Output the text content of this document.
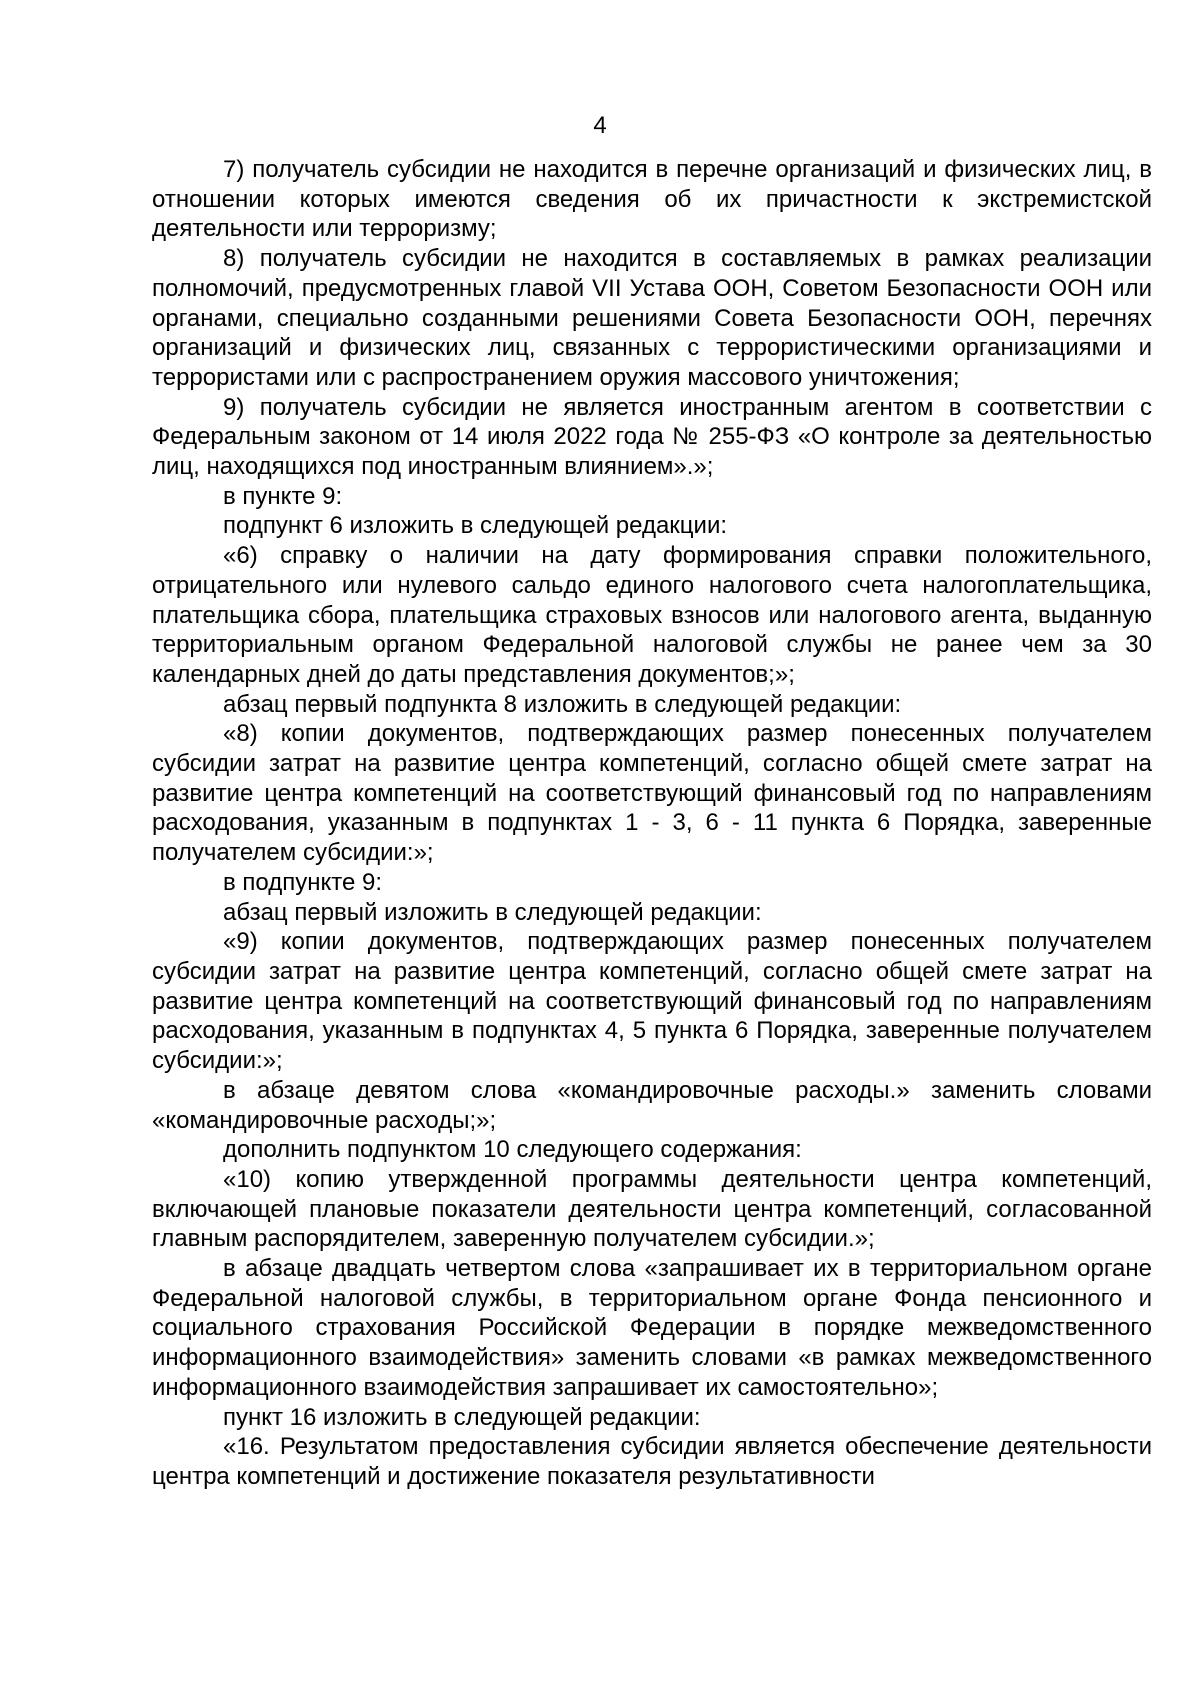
4

7) получатель субсидии не находится в перечне организаций и физических лиц, в отношении которых имеются сведения об их причастности к экстремистской деятельности или терроризму;

8) получатель субсидии не находится в составляемых в рамках реализации полномочий, предусмотренных главой VII Устава ООН, Советом Безопасности ООН или органами, специально созданными решениями Совета Безопасности ООН, перечнях организаций и физических лиц, связанных с террористическими организациями и террористами или с распространением оружия массового уничтожения;

9) получатель субсидии не является иностранным агентом в соответствии с Федеральным законом от 14 июля 2022 года № 255-ФЗ «О контроле за деятельностью лиц, находящихся под иностранным влиянием».»;

в пункте 9:

подпункт 6 изложить в следующей редакции:

«6) справку о наличии на дату формирования справки положительного, отрицательного или нулевого сальдо единого налогового счета налогоплательщика, плательщика сбора, плательщика страховых взносов или налогового агента, выданную территориальным органом Федеральной налоговой службы не ранее чем за 30 календарных дней до даты представления документов;»;

абзац первый подпункта 8 изложить в следующей редакции:

«8) копии документов, подтверждающих размер понесенных получателем субсидии затрат на развитие центра компетенций, согласно общей смете затрат на развитие центра компетенций на соответствующий финансовый год по направлениям расходования, указанным в подпунктах 1 - 3, 6 - 11 пункта 6 Порядка, заверенные получателем субсидии:»;

в подпункте 9:

абзац первый изложить в следующей редакции:

«9) копии документов, подтверждающих размер понесенных получателем субсидии затрат на развитие центра компетенций, согласно общей смете затрат на развитие центра компетенций на соответствующий финансовый год по направлениям расходования, указанным в подпунктах 4, 5 пункта 6 Порядка, заверенные получателем субсидии:»;

в абзаце девятом слова «командировочные расходы.» заменить словами «командировочные расходы;»;

дополнить подпунктом 10 следующего содержания:

«10) копию утвержденной программы деятельности центра компетенций, включающей плановые показатели деятельности центра компетенций, согласованной главным распорядителем, заверенную получателем субсидии.»;

в абзаце двадцать четвертом слова «запрашивает их в территориальном органе Федеральной налоговой службы, в территориальном органе Фонда пенсионного и социального страхования Российской Федерации в порядке межведомственного информационного взаимодействия» заменить словами «в рамках межведомственного информационного взаимодействия запрашивает их самостоятельно»;

пункт 16 изложить в следующей редакции:

«16. Результатом предоставления субсидии является обеспечение деятельности центра компетенций и достижение показателя результативности
